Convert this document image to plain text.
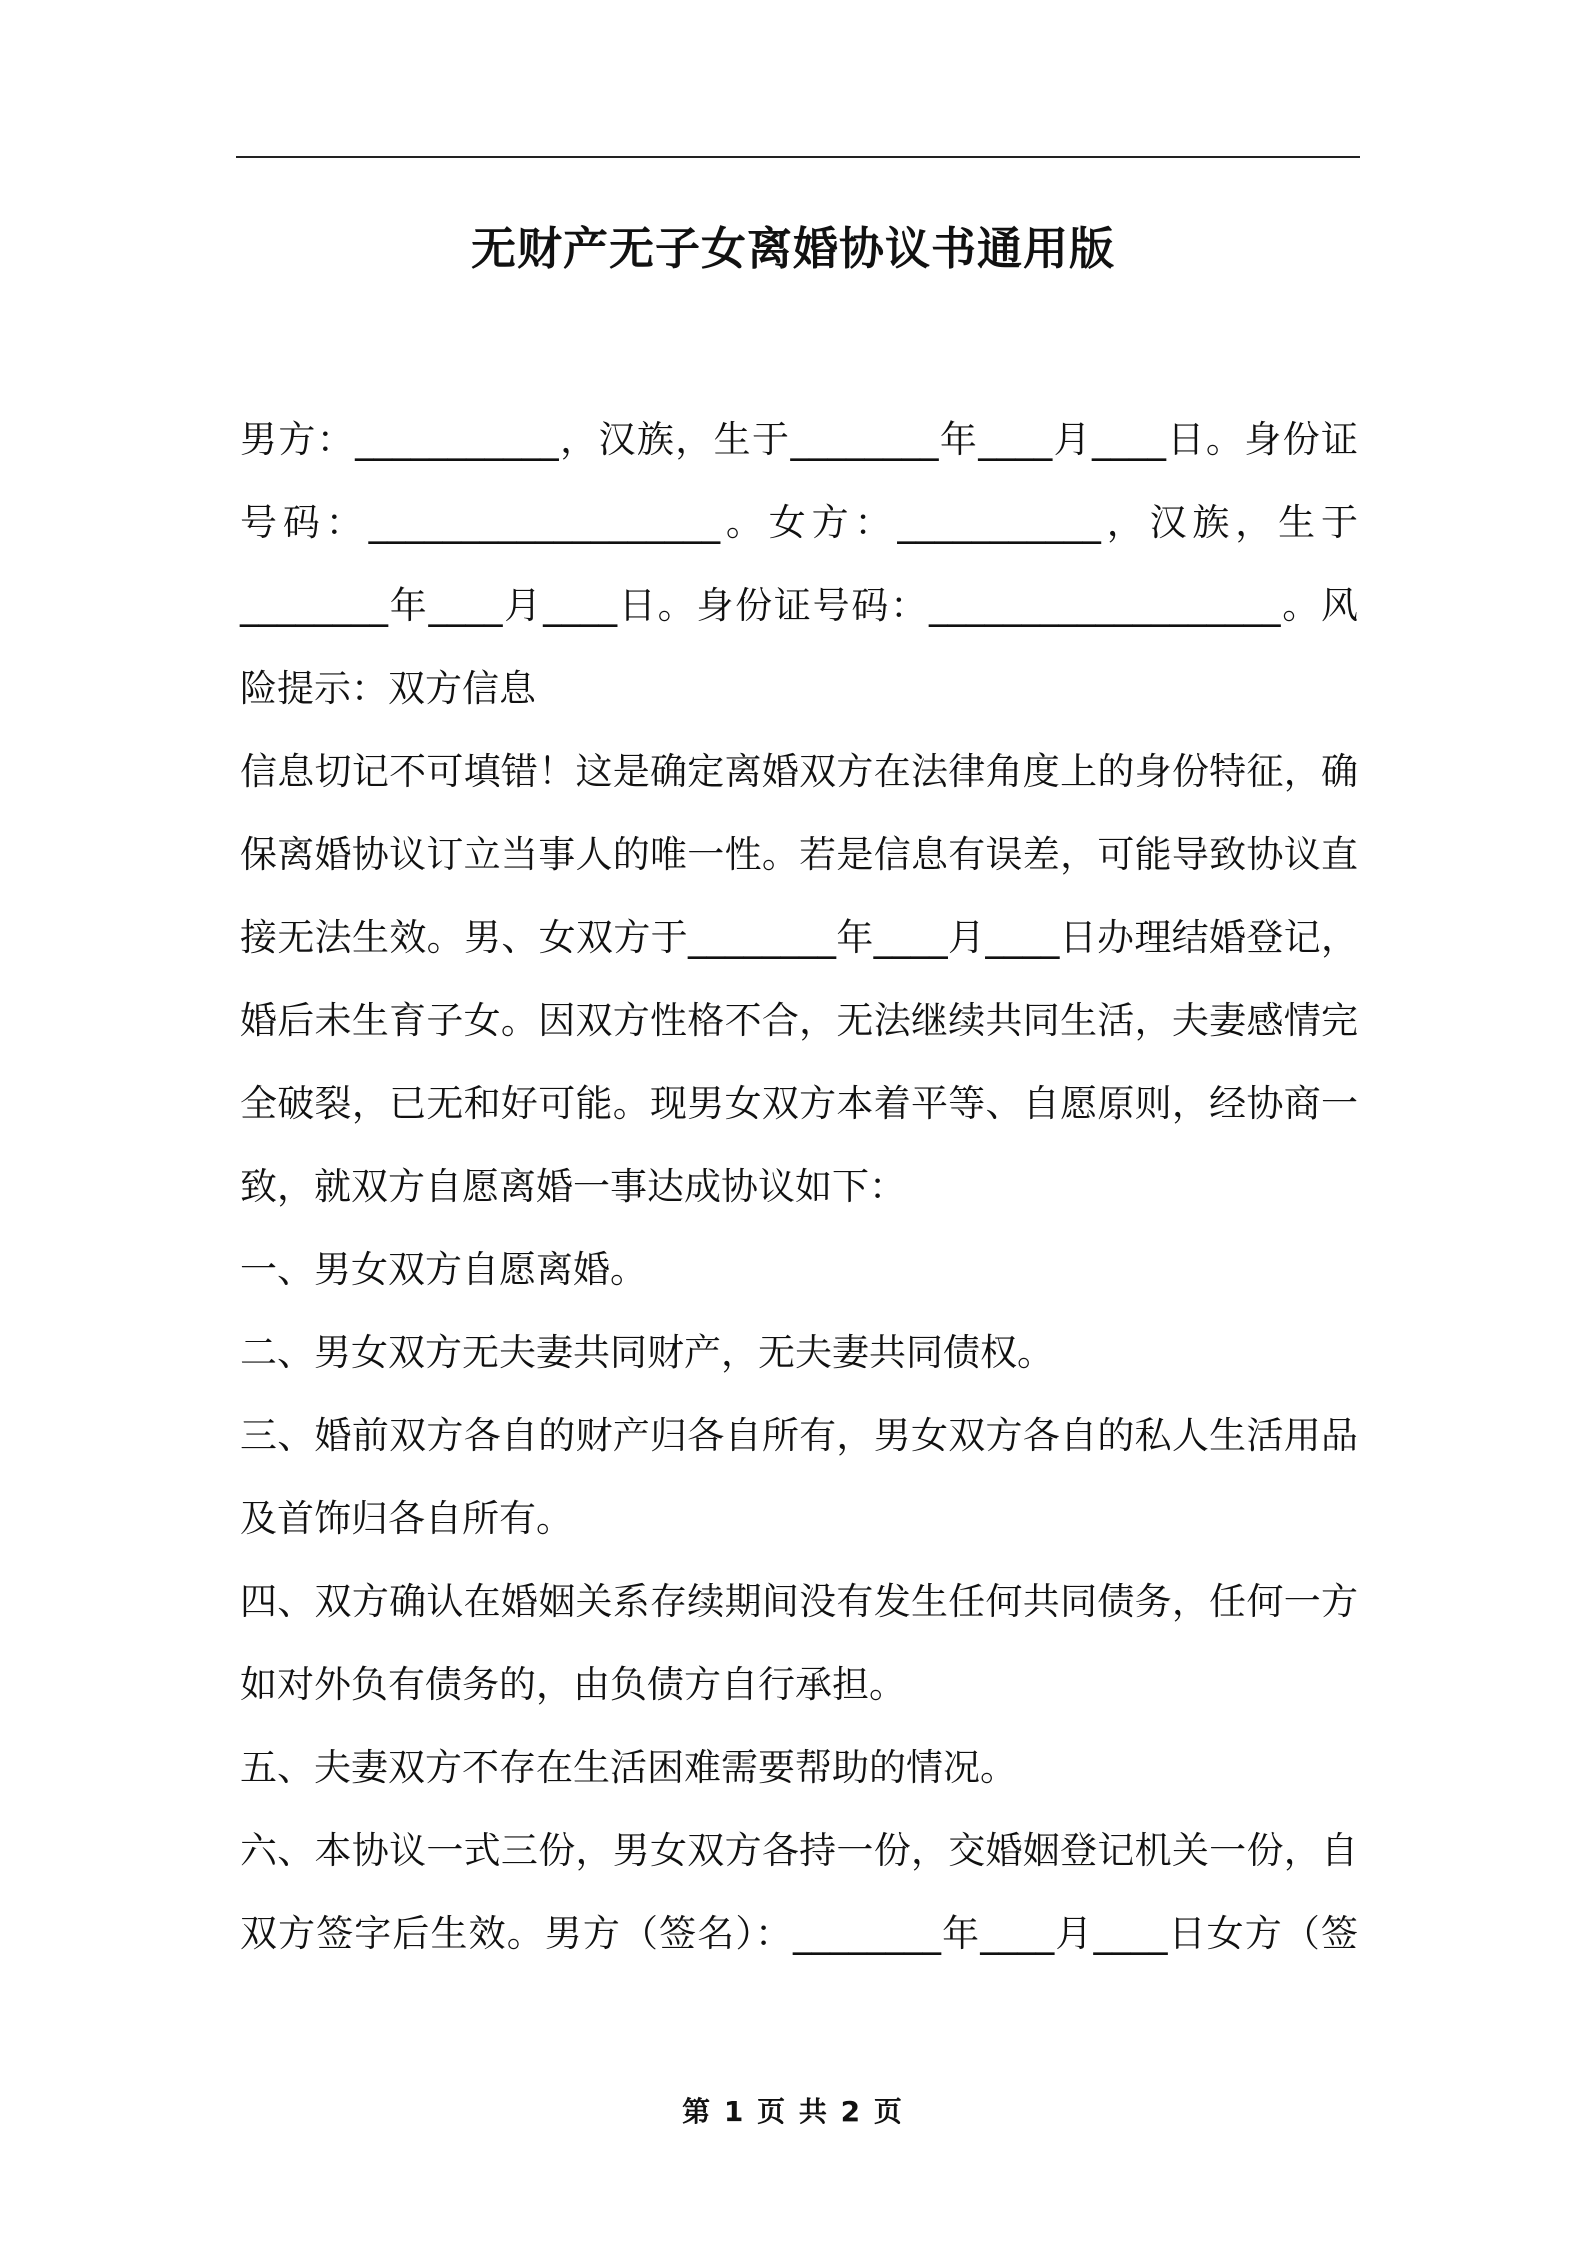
无财产无子女离婚协议书通用版

男方：___________，汉族，生于________年____月____日。身份证号码：___________________。女方：___________，汉族，生于________年____月____日。身份证号码：___________________。风险提示：双方信息

信息切记不可填错！这是确定离婚双方在法律角度上的身份特征，确保离婚协议订立当事人的唯一性。若是信息有误差，可能导致协议直接无法生效。男、女双方于________年____月____日办理结婚登记，婚后未生育子女。因双方性格不合，无法继续共同生活，夫妻感情完全破裂，已无和好可能。现男女双方本着平等、自愿原则，经协商一致，就双方自愿离婚一事达成协议如下：

一、男女双方自愿离婚。

二、男女双方无夫妻共同财产，无夫妻共同债权。

三、婚前双方各自的财产归各自所有，男女双方各自的私人生活用品及首饰归各自所有。

四、双方确认在婚姻关系存续期间没有发生任何共同债务，任何一方如对外负有债务的，由负债方自行承担。

五、夫妻双方不存在生活困难需要帮助的情况。

六、本协议一式三份，男女双方各持一份，交婚姻登记机关一份，自双方签字后生效。男方（签名）：________年____月____日女方（签

第 1 页 共 2 页
